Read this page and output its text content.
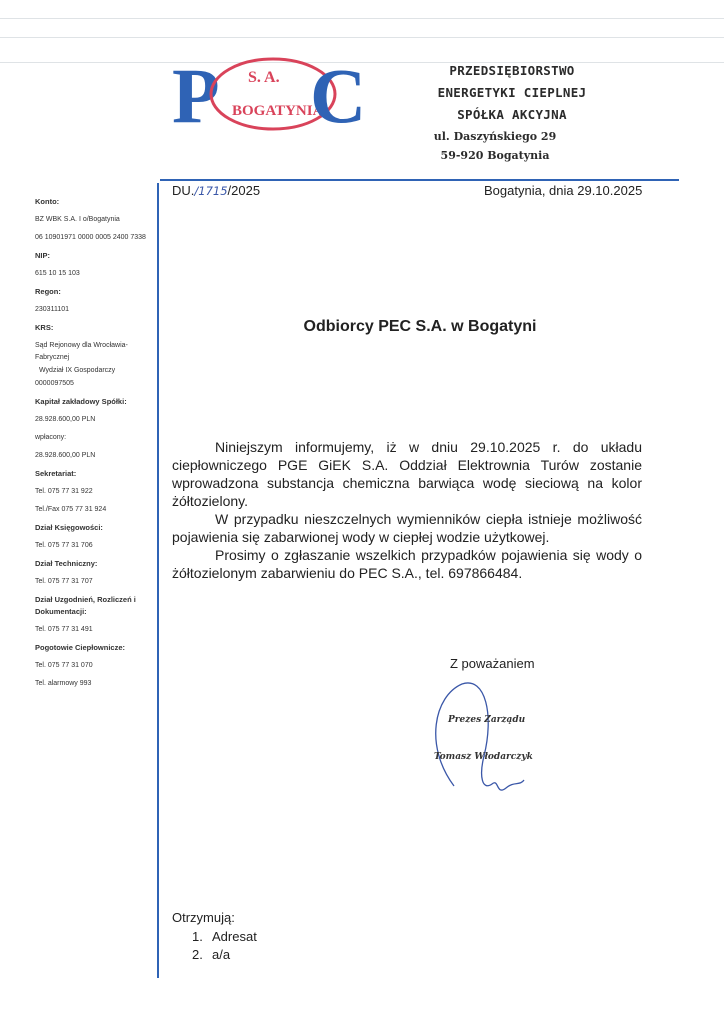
P S. A.
BOGATYNIA
C	PRZEDSIĘBIORSTWO
ENERGETYKI CIEPLNEJ
SPÓŁKA AKCYJNA
ul. Daszyńskiego 29
59-920 Bogatynia
Konto:
BZ WBK S.A. I o/Bogatynia
06 10901971 0000 0005 2400 7338
NIP:
615 10 15 103
Regon:
230311101
KRS:
Sąd Rejonowy dla Wrocławia-Fabrycznej
Wydział IX Gospodarczy
0000097505
Kapitał zakładowy Spółki:
28.928.600,00 PLN
wpłacony:
28.928.600,00 PLN
Sekretariat:
Tel. 075 77 31 922
Tel./Fax 075 77 31 924
Dział Księgowości:
Tel. 075 77 31 706
Dział Techniczny:
Tel. 075 77 31 707
Dział Uzgodnień, Rozliczeń i Dokumentacji:
Tel. 075 77 31 491
Pogotowie Ciepłownicze:
Tel. 075 77 31 070
Tel. alarmowy 993
DU./1715/2025	Bogatynia, dnia 29.10.2025
Odbiorcy PEC S.A. w Bogatyni

Niniejszym informujemy, iż w dniu 29.10.2025 r. do układu ciepłowniczego PGE GiEK S.A. Oddział Elektrownia Turów zostanie wprowadzona substancja chemiczna barwiąca wodę sieciową na kolor żółtozielony.

W przypadku nieszczelnych wymienników ciepła istnieje możliwość pojawienia się zabarwionej wody w ciepłej wodzie użytkowej.

Prosimy o zgłaszanie wszelkich przypadków pojawienia się wody o żółtozielonym zabarwieniu do PEC S.A., tel. 697866484.

Z poważaniem
Prezes Zarządu
Tomasz Włodarczyk
Otrzymują:
1. Adresat
2. a/a
